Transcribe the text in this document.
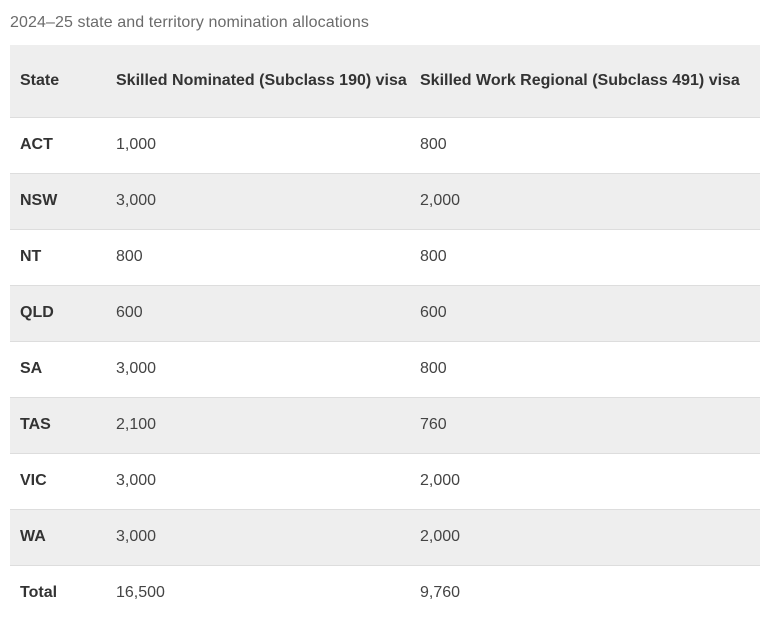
2024–25 state and territory nomination allocations
State	Skilled Nominated (Subclass 190) visa	Skilled Work Regional (Subclass 491) visa
ACT	1,000	800
NSW	3,000	2,000
NT	800	800
QLD	600	600
SA	3,000	800
TAS	2,100	760
VIC	3,000	2,000
WA	3,000	2,000
Total	16,500	9,760
